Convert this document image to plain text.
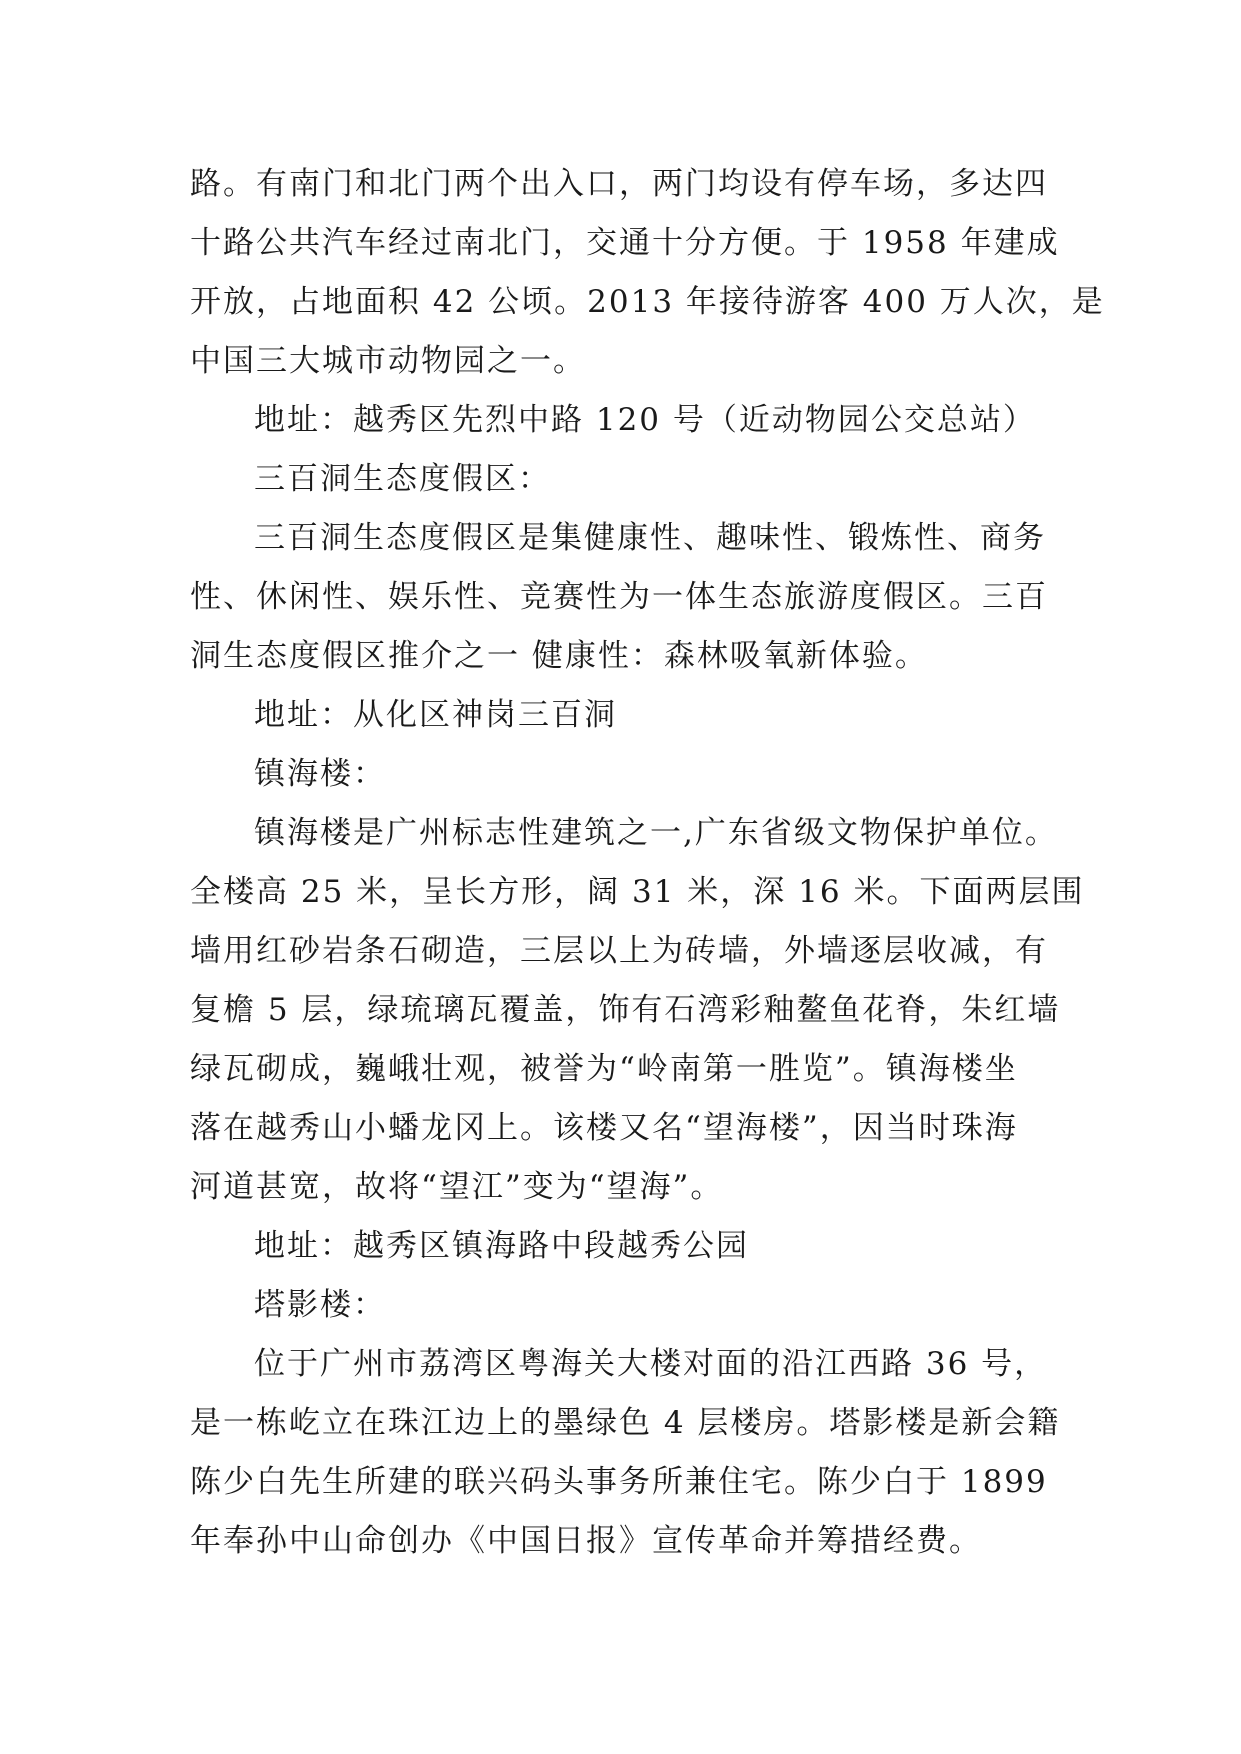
路。有南门和北门两个出入口，两门均设有停车场，多达四
十路公共汽车经过南北门，交通十分方便。于 1958 年建成
开放，占地面积 42 公顷。2013 年接待游客 400 万人次，是
中国三大城市动物园之一。
地址：越秀区先烈中路 120 号（近动物园公交总站）
三百洞生态度假区：
三百洞生态度假区是集健康性、趣味性、锻炼性、商务
性、休闲性、娱乐性、竞赛性为一体生态旅游度假区。三百
洞生态度假区推介之一 健康性：森林吸氧新体验。
地址：从化区神岗三百洞
镇海楼：
镇海楼是广州标志性建筑之一,广东省级文物保护单位。
全楼高 25 米，呈长方形，阔 31 米，深 16 米。下面两层围
墙用红砂岩条石砌造，三层以上为砖墙，外墙逐层收减，有
复檐 5 层，绿琉璃瓦覆盖，饰有石湾彩釉鳌鱼花脊，朱红墙
绿瓦砌成，巍峨壮观，被誉为“岭南第一胜览”。镇海楼坐
落在越秀山小蟠龙冈上。该楼又名“望海楼”，因当时珠海
河道甚宽，故将“望江”变为“望海”。
地址：越秀区镇海路中段越秀公园
塔影楼：
位于广州市荔湾区粤海关大楼对面的沿江西路 36 号，
是一栋屹立在珠江边上的墨绿色 4 层楼房。塔影楼是新会籍
陈少白先生所建的联兴码头事务所兼住宅。陈少白于 1899
年奉孙中山命创办《中国日报》宣传革命并筹措经费。
